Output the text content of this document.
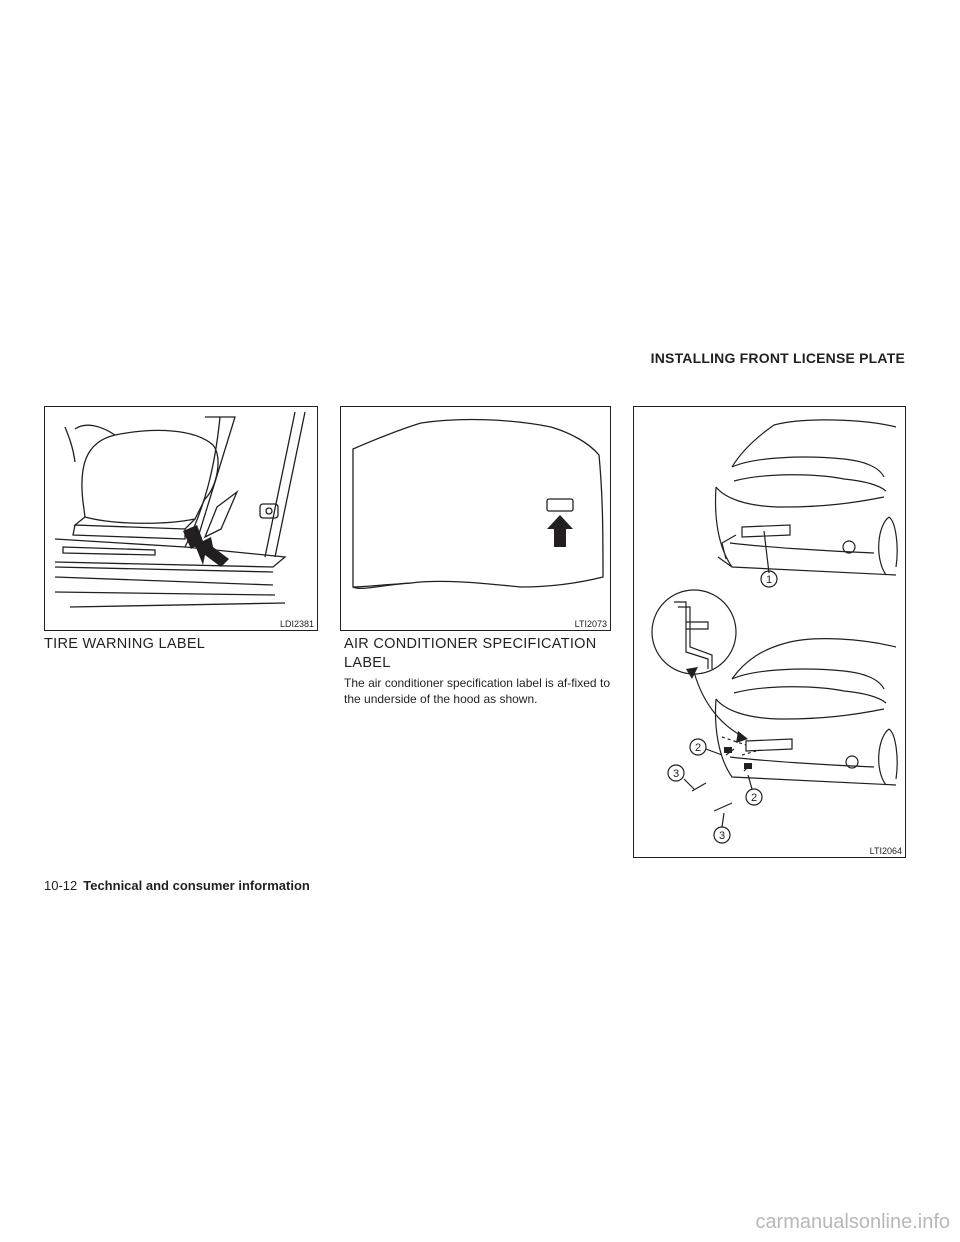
INSTALLING FRONT LICENSE PLATE
LDI2381
TIRE WARNING LABEL
LTI2073
AIR CONDITIONER SPECIFICATION LABEL
The air conditioner specification label is af-fixed to the underside of the hood as shown.
1
2
3
2
3
LTI2064
10-12 Technical and consumer information
carmanualsonline.info
